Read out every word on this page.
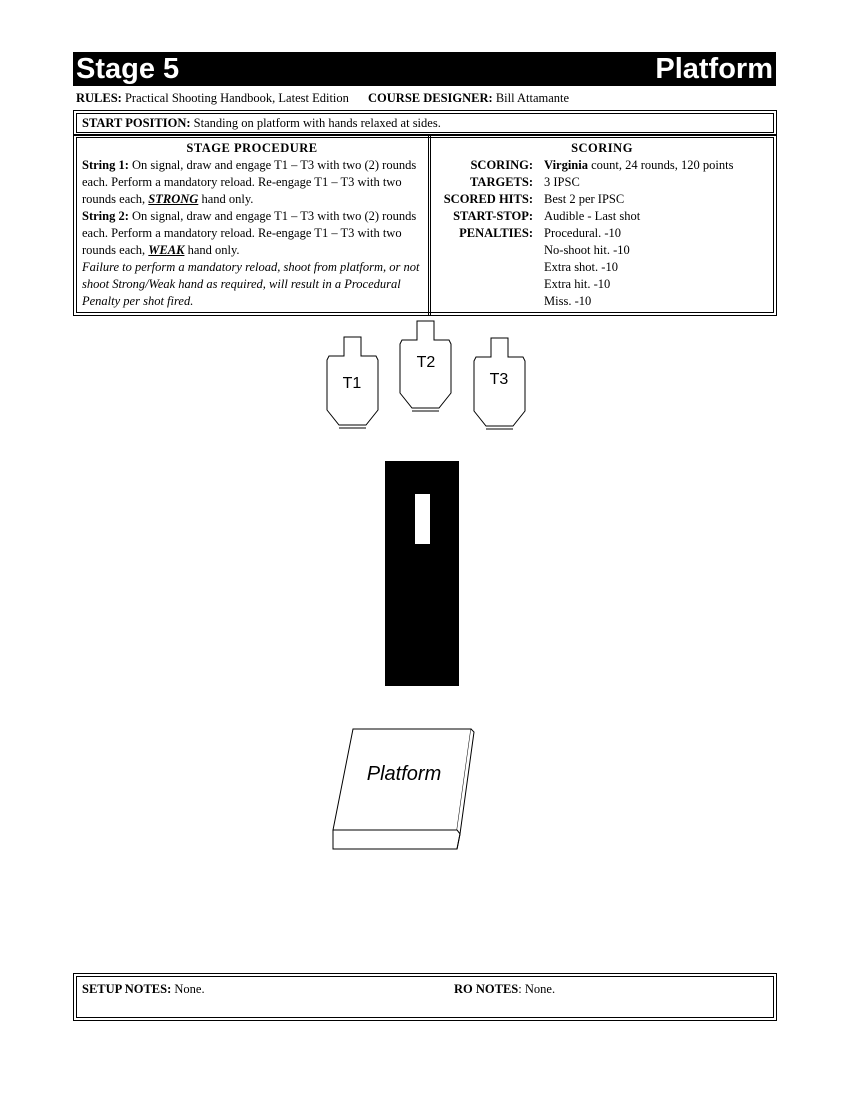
Stage 5	Platform
RULES: Practical Shooting Handbook, Latest Edition COURSE DESIGNER: Bill Attamante
START POSITION: Standing on platform with hands relaxed at sides.
STAGE PROCEDURE
String 1: On signal, draw and engage T1 – T3 with two (2) rounds each. Perform a mandatory reload. Re-engage T1 – T3 with two rounds each, STRONG hand only.
String 2: On signal, draw and engage T1 – T3 with two (2) rounds each. Perform a mandatory reload. Re-engage T1 – T3 with two rounds each, WEAK hand only.
Failure to perform a mandatory reload, shoot from platform, or not shoot Strong/Weak hand as required, will result in a Procedural Penalty per shot fired.
SCORING
SCORING: Virginia count, 24 rounds, 120 points
TARGETS: 3 IPSC
SCORED HITS: Best 2 per IPSC
START-STOP: Audible - Last shot
PENALTIES: Procedural. -10
No-shoot hit. -10
Extra shot. -10
Extra hit. -10
Miss. -10
T1
T2
T3
Platform
SETUP NOTES: None.	RO NOTES: None.
